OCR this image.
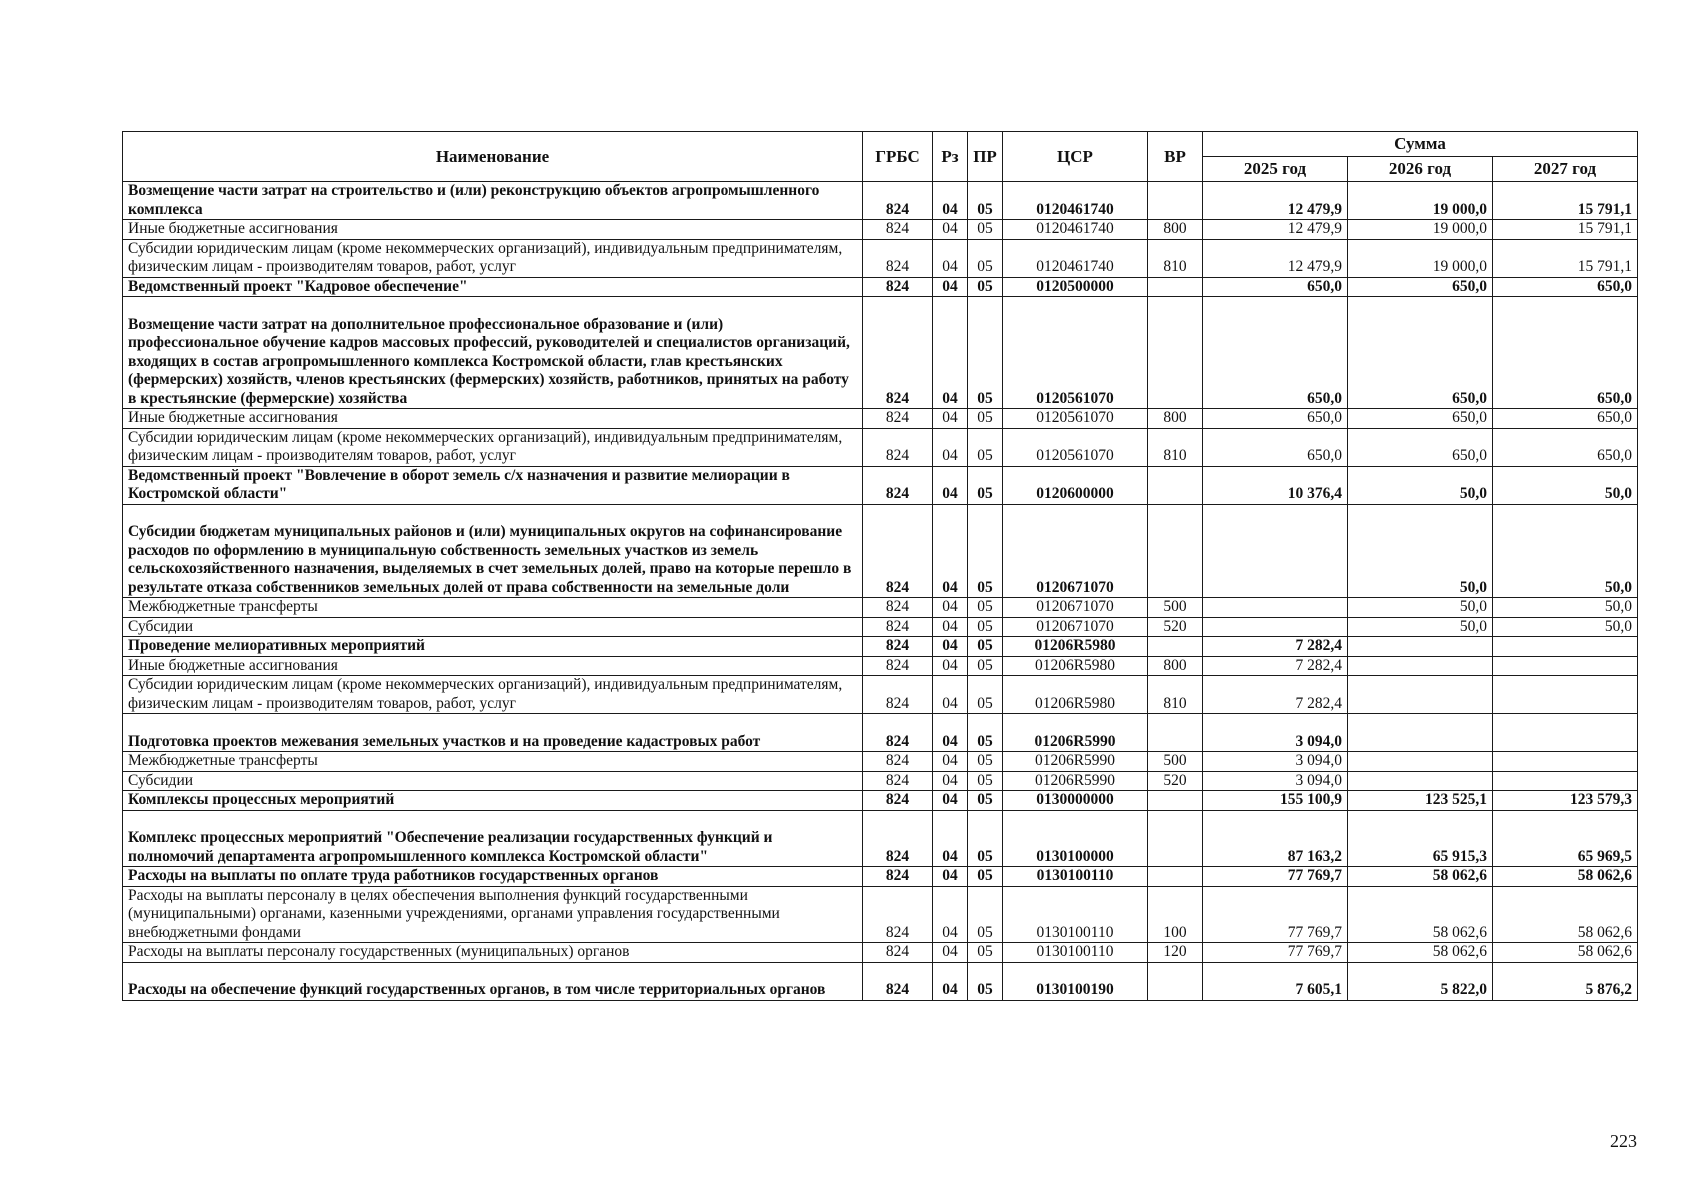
Наименование	ГРБС	Рз	ПР	ЦСР	ВР	Сумма		
						2025 год	2026 год	2027 год
Возмещение части затрат на строительство и (или) реконструкцию объектов агропромышленного комплекса	824	04	05	0120461740		12 479,9	19 000,0	15 791,1
Иные бюджетные ассигнования	824	04	05	0120461740	800	12 479,9	19 000,0	15 791,1
Субсидии юридическим лицам (кроме некоммерческих организаций), индивидуальным предпринимателям, физическим лицам - производителям товаров, работ, услуг	824	04	05	0120461740	810	12 479,9	19 000,0	15 791,1
Ведомственный проект "Кадровое обеспечение"	824	04	05	0120500000		650,0	650,0	650,0
Возмещение части затрат на дополнительное профессиональное образование и (или) профессиональное обучение кадров массовых профессий, руководителей и специалистов организаций, входящих в состав агропромышленного комплекса Костромской области, глав крестьянских (фермерских) хозяйств, членов крестьянских (фермерских) хозяйств, работников, принятых на работу в крестьянские (фермерские) хозяйства	824	04	05	0120561070		650,0	650,0	650,0
Иные бюджетные ассигнования	824	04	05	0120561070	800	650,0	650,0	650,0
Субсидии юридическим лицам (кроме некоммерческих организаций), индивидуальным предпринимателям, физическим лицам - производителям товаров, работ, услуг	824	04	05	0120561070	810	650,0	650,0	650,0
Ведомственный проект "Вовлечение в оборот земель с/х назначения и развитие мелиорации в Костромской области"	824	04	05	0120600000		10 376,4	50,0	50,0
Субсидии бюджетам муниципальных районов и (или) муниципальных округов на софинансирование расходов по оформлению в муниципальную собственность земельных участков из земель сельскохозяйственного назначения, выделяемых в счет земельных долей, право на которые перешло в результате отказа собственников земельных долей от права собственности на земельные доли	824	04	05	0120671070			50,0	50,0
Межбюджетные трансферты	824	04	05	0120671070	500		50,0	50,0
Субсидии	824	04	05	0120671070	520		50,0	50,0
Проведение мелиоративных мероприятий	824	04	05	01206R5980		7 282,4		
Иные бюджетные ассигнования	824	04	05	01206R5980	800	7 282,4		
Субсидии юридическим лицам (кроме некоммерческих организаций), индивидуальным предпринимателям, физическим лицам - производителям товаров, работ, услуг	824	04	05	01206R5980	810	7 282,4		
Подготовка проектов межевания земельных участков и на проведение кадастровых работ	824	04	05	01206R5990		3 094,0		
Межбюджетные трансферты	824	04	05	01206R5990	500	3 094,0		
Субсидии	824	04	05	01206R5990	520	3 094,0		
Комплексы процессных мероприятий	824	04	05	0130000000		155 100,9	123 525,1	123 579,3
Комплекс процессных мероприятий "Обеспечение реализации государственных функций и полномочий департамента агропромышленного комплекса Костромской области"	824	04	05	0130100000		87 163,2	65 915,3	65 969,5
Расходы на выплаты по оплате труда работников государственных органов	824	04	05	0130100110		77 769,7	58 062,6	58 062,6
Расходы на выплаты персоналу в целях обеспечения выполнения функций государственными (муниципальными) органами, казенными учреждениями, органами управления государственными внебюджетными фондами	824	04	05	0130100110	100	77 769,7	58 062,6	58 062,6
Расходы на выплаты персоналу государственных (муниципальных) органов	824	04	05	0130100110	120	77 769,7	58 062,6	58 062,6
Расходы на обеспечение функций государственных органов, в том числе территориальных органов	824	04	05	0130100190		7 605,1	5 822,0	5 876,2
223
